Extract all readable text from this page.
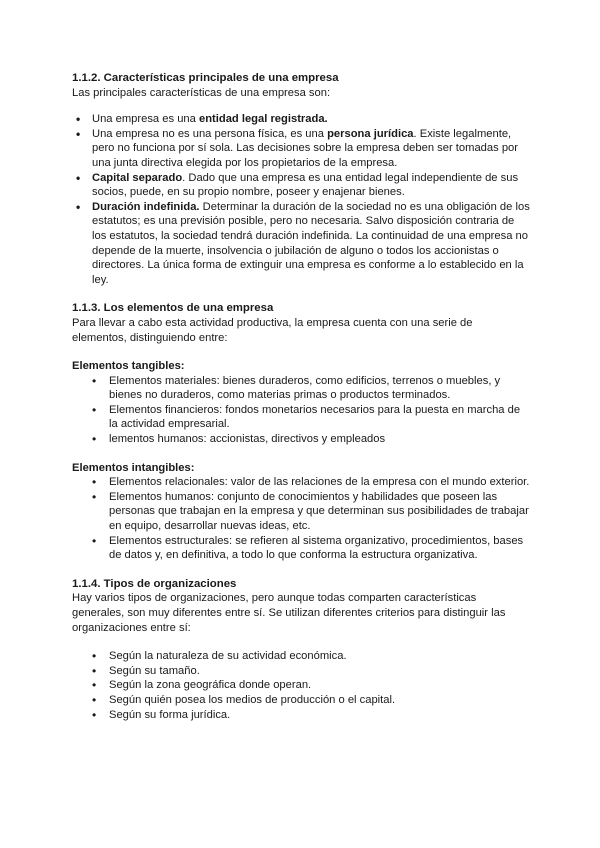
1.1.2. Características principales de una empresa

Las principales características de una empresa son:

• Una empresa es una entidad legal registrada.
• Una empresa no es una persona física, es una persona jurídica. Existe legalmente, pero no funciona por sí sola. Las decisiones sobre la empresa deben ser tomadas por una junta directiva elegida por los propietarios de la empresa.
• Capital separado. Dado que una empresa es una entidad legal independiente de sus socios, puede, en su propio nombre, poseer y enajenar bienes.
• Duración indefinida. Determinar la duración de la sociedad no es una obligación de los estatutos; es una previsión posible, pero no necesaria. Salvo disposición contraria de los estatutos, la sociedad tendrá duración indefinida. La continuidad de una empresa no depende de la muerte, insolvencia o jubilación de alguno o todos los accionistas o directores. La única forma de extinguir una empresa es conforme a lo establecido en la ley.
1.1.3. Los elementos de una empresa

Para llevar a cabo esta actividad productiva, la empresa cuenta con una serie de elementos, distinguiendo entre:

Elementos tangibles:

• Elementos materiales: bienes duraderos, como edificios, terrenos o muebles, y bienes no duraderos, como materias primas o productos terminados.
• Elementos financieros: fondos monetarios necesarios para la puesta en marcha de la actividad empresarial.
• lementos humanos: accionistas, directivos y empleados

Elementos intangibles:

• Elementos relacionales: valor de las relaciones de la empresa con el mundo exterior.
• Elementos humanos: conjunto de conocimientos y habilidades que poseen las personas que trabajan en la empresa y que determinan sus posibilidades de trabajar en equipo, desarrollar nuevas ideas, etc.
• Elementos estructurales: se refieren al sistema organizativo, procedimientos, bases de datos y, en definitiva, a todo lo que conforma la estructura organizativa.
1.1.4. Tipos de organizaciones

Hay varios tipos de organizaciones, pero aunque todas comparten características generales, son muy diferentes entre sí. Se utilizan diferentes criterios para distinguir las organizaciones entre sí:

• Según la naturaleza de su actividad económica.
• Según su tamaño.
• Según la zona geográfica donde operan.
• Según quién posea los medios de producción o el capital.
• Según su forma jurídica.
